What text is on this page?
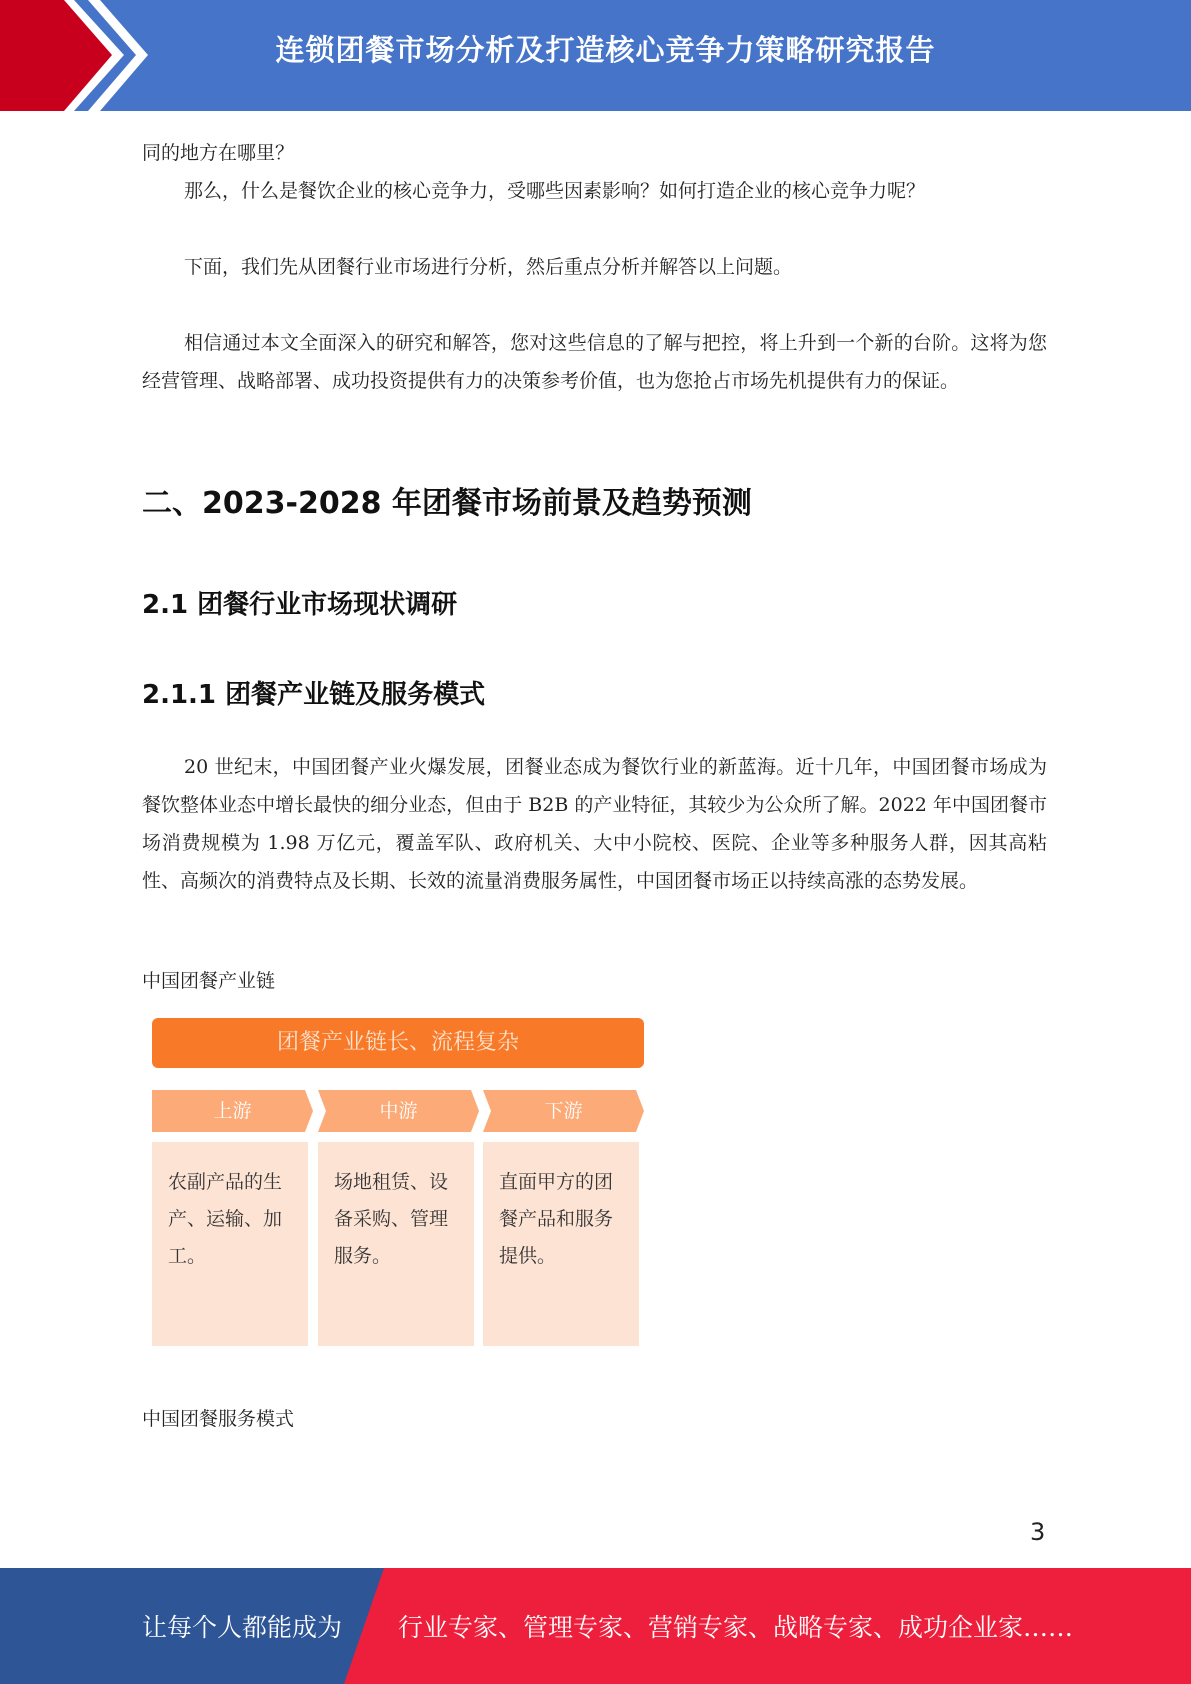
连锁团餐市场分析及打造核心竞争力策略研究报告

同的地方在哪里？

那么，什么是餐饮企业的核心竞争力，受哪些因素影响？如何打造企业的核心竞争力呢？

下面，我们先从团餐行业市场进行分析，然后重点分析并解答以上问题。

相信通过本文全面深入的研究和解答，您对这些信息的了解与把控，将上升到一个新的台阶。这将为您经营管理、战略部署、成功投资提供有力的决策参考价值，也为您抢占市场先机提供有力的保证。

二、2023-2028 年团餐市场前景及趋势预测
2.1 团餐行业市场现状调研
2.1.1 团餐产业链及服务模式

20 世纪末，中国团餐产业火爆发展，团餐业态成为餐饮行业的新蓝海。近十几年，中国团餐市场成为餐饮整体业态中增长最快的细分业态，但由于 B2B 的产业特征，其较少为公众所了解。2022 年中国团餐市场消费规模为 1.98 万亿元，覆盖军队、政府机关、大中小院校、医院、企业等多种服务人群，因其高粘性、高频次的消费特点及长期、长效的流量消费服务属性，中国团餐市场正以持续高涨的态势发展。

中国团餐产业链
团餐产业链长、流程复杂
上游	中游	下游
农副产品的生产、运输、加工。
场地租赁、设备采购、管理服务。
直面甲方的团餐产品和服务提供。
中国团餐服务模式
3
让每个人都能成为 行业专家、管理专家、营销专家、战略专家、成功企业家……
